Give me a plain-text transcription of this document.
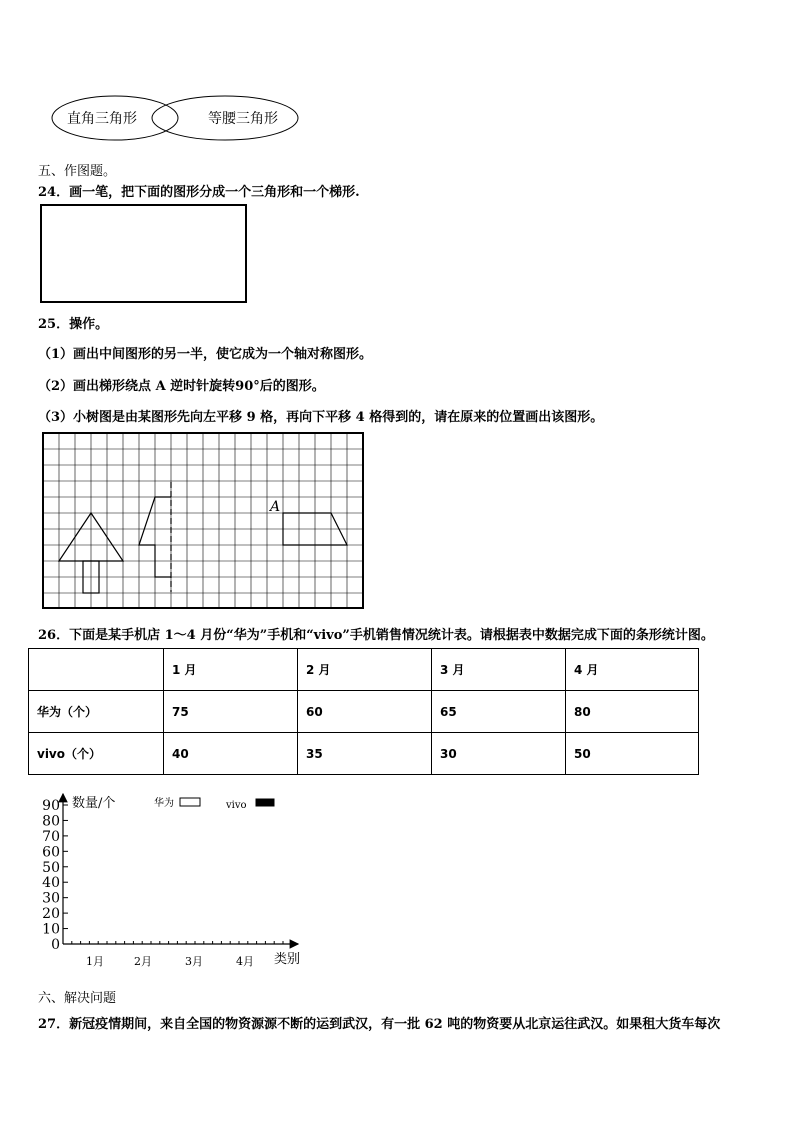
直角三角形	等腰三角形
五、作图题。
24．画一笔，把下面的图形分成一个三角形和一个梯形.
25．操作。
（1）画出中间图形的另一半，使它成为一个轴对称图形。
（2）画出梯形绕点 A 逆时针旋转90°后的图形。
（3）小树图是由某图形先向左平移 9 格，再向下平移 4 格得到的，请在原来的位置画出该图形。
A
26．下面是某手机店 1～4 月份“华为”手机和“vivo”手机销售情况统计表。请根据表中数据完成下面的条形统计图。
	1 月	2 月	3 月	4 月
华为（个）	75	60	65	80
vivo（个）	40	35	30	50
0
10
20
30
40
50
60
70
80
90
1月	2月	3月	4月
数量/个
类别
华为	vivo
六、解决问题
27．新冠疫情期间，来自全国的物资源源不断的运到武汉，有一批 62 吨的物资要从北京运往武汉。如果租大货车每次
